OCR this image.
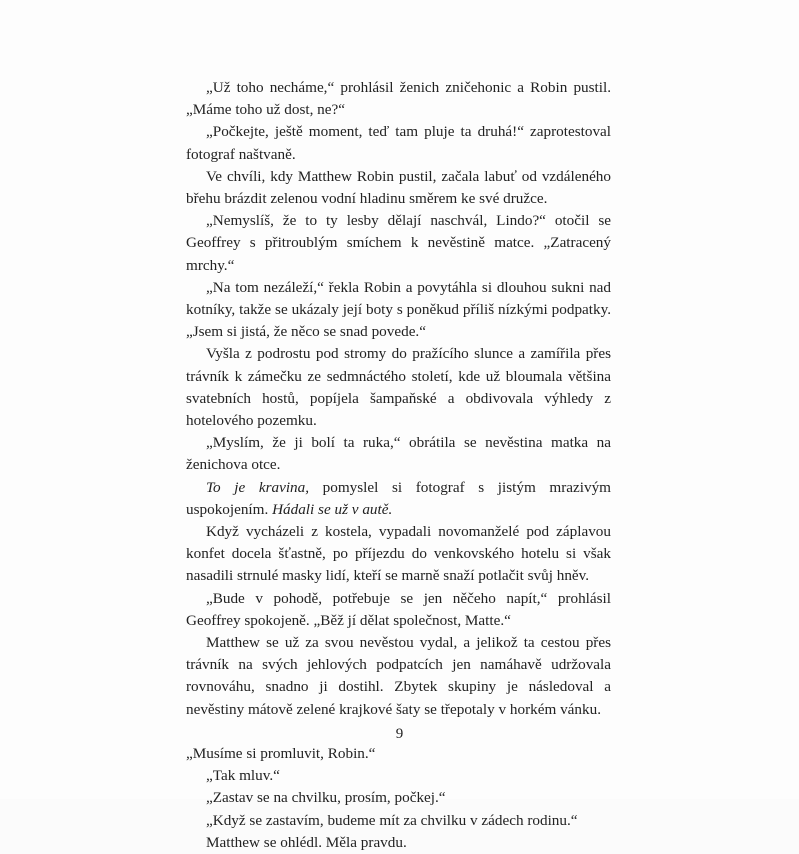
„Už toho necháme,“ prohlásil ženich zničehonic a Robin pustil. „Máme toho už dost, ne?“

„Počkejte, ještě moment, teď tam pluje ta druhá!“ zaprotestoval fotograf naštvaně.

Ve chvíli, kdy Matthew Robin pustil, začala labuť od vzdáleného břehu brázdit zelenou vodní hladinu směrem ke své družce.

„Nemyslíš, že to ty lesby dělají naschvál, Lindo?“ otočil se Geoffrey s přitroublým smíchem k nevěstině matce. „Zatracený mrchy.“

„Na tom nezáleží,“ řekla Robin a povytáhla si dlouhou sukni nad kotníky, takže se ukázaly její boty s poněkud příliš nízkými podpatky. „Jsem si jistá, že něco se snad povede.“

Vyšla z podrostu pod stromy do pražícího slunce a zamířila přes trávník k zámečku ze sedmnáctého století, kde už bloumala většina svatebních hostů, popíjela šampaňské a obdivovala výhledy z hotelového pozemku.

„Myslím, že ji bolí ta ruka,“ obrátila se nevěstina matka na ženichova otce.

To je kravina, pomyslel si fotograf s jistým mrazivým uspokojením. Hádali se už v autě.

Když vycházeli z kostela, vypadali novomanželé pod záplavou konfet docela šťastně, po příjezdu do venkovského hotelu si však nasadili strnulé masky lidí, kteří se marně snaží potlačit svůj hněv.

„Bude v pohodě, potřebuje se jen něčeho napít,“ prohlásil Geoffrey spokojeně. „Běž jí dělat společnost, Matte.“

Matthew se už za svou nevěstou vydal, a jelikož ta cestou přes trávník na svých jehlových podpatcích jen namáhavě udržovala rovnováhu, snadno ji dostihl. Zbytek skupiny je následoval a nevěstiny mátově zelené krajkové šaty se třepotaly v horkém vánku.

„Musíme si promluvit, Robin.“

„Tak mluv.“

„Zastav se na chvilku, prosím, počkej.“

„Když se zastavím, budeme mít za chvilku v zádech rodinu.“

Matthew se ohlédl. Měla pravdu.

9
